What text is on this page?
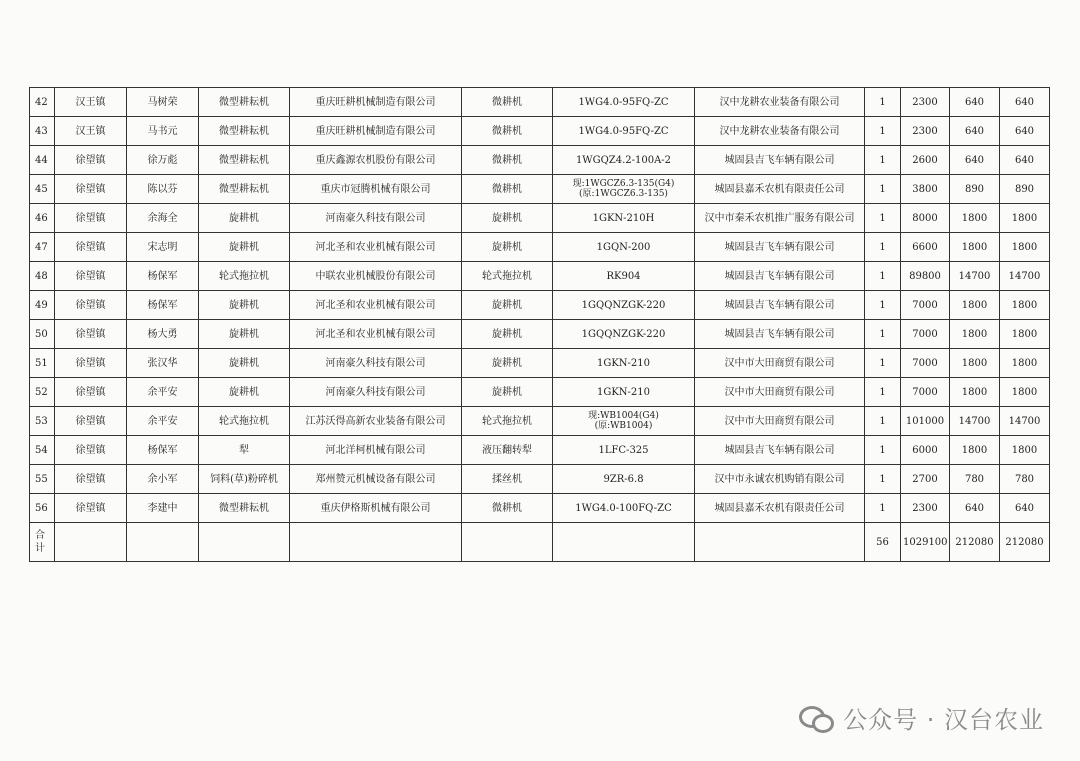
42	汉王镇	马树荣	微型耕耘机	重庆旺耕机械制造有限公司	微耕机	1WG4.0-95FQ-ZC	汉中龙耕农业装备有限公司	1	2300	640	640
43	汉王镇	马书元	微型耕耘机	重庆旺耕机械制造有限公司	微耕机	1WG4.0-95FQ-ZC	汉中龙耕农业装备有限公司	1	2300	640	640
44	徐望镇	徐万彪	微型耕耘机	重庆鑫源农机股份有限公司	微耕机	1WGQZ4.2-100A-2	城固县吉飞车辆有限公司	1	2600	640	640
45	徐望镇	陈以芬	微型耕耘机	重庆市冠腾机械有限公司	微耕机	现:1WGCZ6.3-135(G4)
(原:1WGCZ6.3-135)	城固县嘉禾农机有限责任公司	1	3800	890	890
46	徐望镇	余海全	旋耕机	河南豪久科技有限公司	旋耕机	1GKN-210H	汉中市秦禾农机推广服务有限公司	1	8000	1800	1800
47	徐望镇	宋志明	旋耕机	河北圣和农业机械有限公司	旋耕机	1GQN-200	城固县吉飞车辆有限公司	1	6600	1800	1800
48	徐望镇	杨保军	轮式拖拉机	中联农业机械股份有限公司	轮式拖拉机	RK904	城固县吉飞车辆有限公司	1	89800	14700	14700
49	徐望镇	杨保军	旋耕机	河北圣和农业机械有限公司	旋耕机	1GQQNZGK-220	城固县吉飞车辆有限公司	1	7000	1800	1800
50	徐望镇	杨大勇	旋耕机	河北圣和农业机械有限公司	旋耕机	1GQQNZGK-220	城固县吉飞车辆有限公司	1	7000	1800	1800
51	徐望镇	张汉华	旋耕机	河南豪久科技有限公司	旋耕机	1GKN-210	汉中市大田商贸有限公司	1	7000	1800	1800
52	徐望镇	余平安	旋耕机	河南豪久科技有限公司	旋耕机	1GKN-210	汉中市大田商贸有限公司	1	7000	1800	1800
53	徐望镇	余平安	轮式拖拉机	江苏沃得高新农业装备有限公司	轮式拖拉机	现:WB1004(G4)
(原:WB1004)	汉中市大田商贸有限公司	1	101000	14700	14700
54	徐望镇	杨保军	犁	河北洋柯机械有限公司	液压翻转犁	1LFC-325	城固县吉飞车辆有限公司	1	6000	1800	1800
55	徐望镇	余小军	饲料(草)粉碎机	郑州赞元机械设备有限公司	揉丝机	9ZR-6.8	汉中市永诚农机购销有限公司	1	2700	780	780
56	徐望镇	李建中	微型耕耘机	重庆伊格斯机械有限公司	微耕机	1WG4.0-100FQ-ZC	城固县嘉禾农机有限责任公司	1	2300	640	640
合计								56	1029100	212080	212080
公众号 · 汉台农业
